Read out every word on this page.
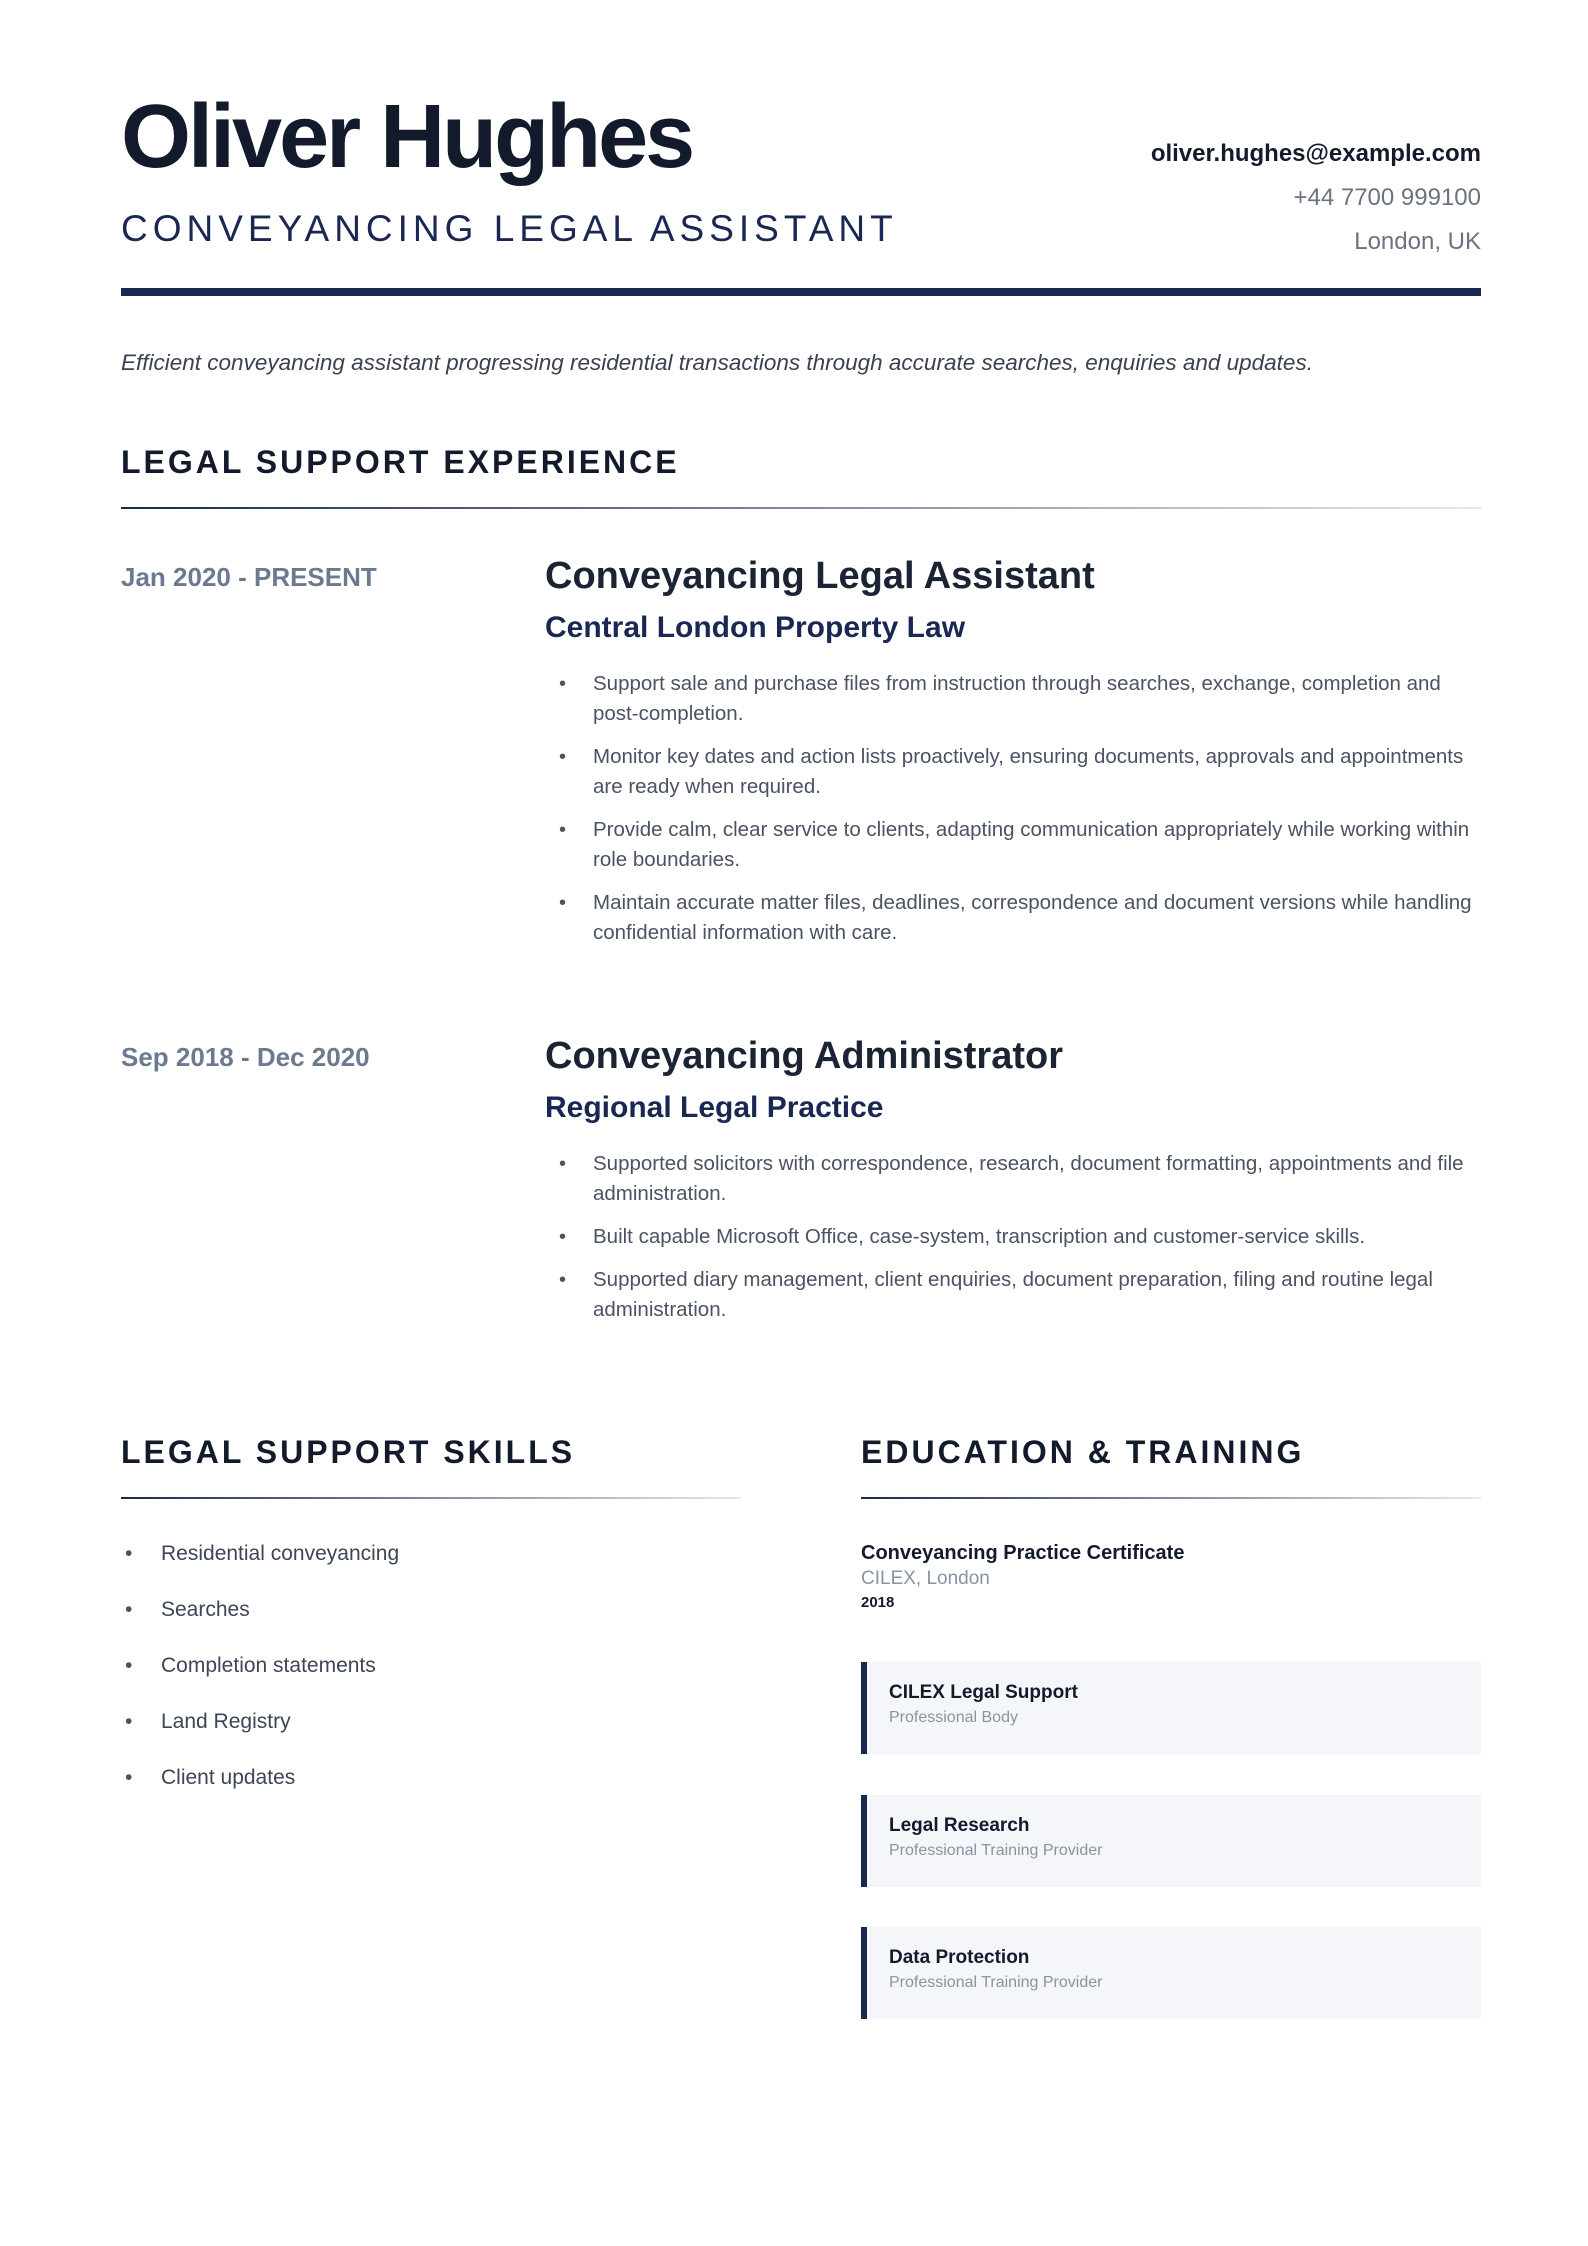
Oliver Hughes
CONVEYANCING LEGAL ASSISTANT
oliver.hughes@example.com
+44 7700 999100
London, UK
Efficient conveyancing assistant progressing residential transactions through accurate searches, enquiries and updates.
LEGAL SUPPORT EXPERIENCE
Jan 2020 - PRESENT	Conveyancing Legal Assistant
Central London Property Law
• Support sale and purchase files from instruction through searches, exchange, completion and post-completion.
• Monitor key dates and action lists proactively, ensuring documents, approvals and appointments are ready when required.
• Provide calm, clear service to clients, adapting communication appropriately while working within role boundaries.
• Maintain accurate matter files, deadlines, correspondence and document versions while handling confidential information with care.
Sep 2018 - Dec 2020	Conveyancing Administrator
Regional Legal Practice
• Supported solicitors with correspondence, research, document formatting, appointments and file administration.
• Built capable Microsoft Office, case-system, transcription and customer-service skills.
• Supported diary management, client enquiries, document preparation, filing and routine legal administration.
LEGAL SUPPORT SKILLS
• Residential conveyancing
• Searches
• Completion statements
• Land Registry
• Client updates
EDUCATION & TRAINING
Conveyancing Practice Certificate
CILEX, London
2018
CILEX Legal Support
Professional Body
Legal Research
Professional Training Provider
Data Protection
Professional Training Provider
